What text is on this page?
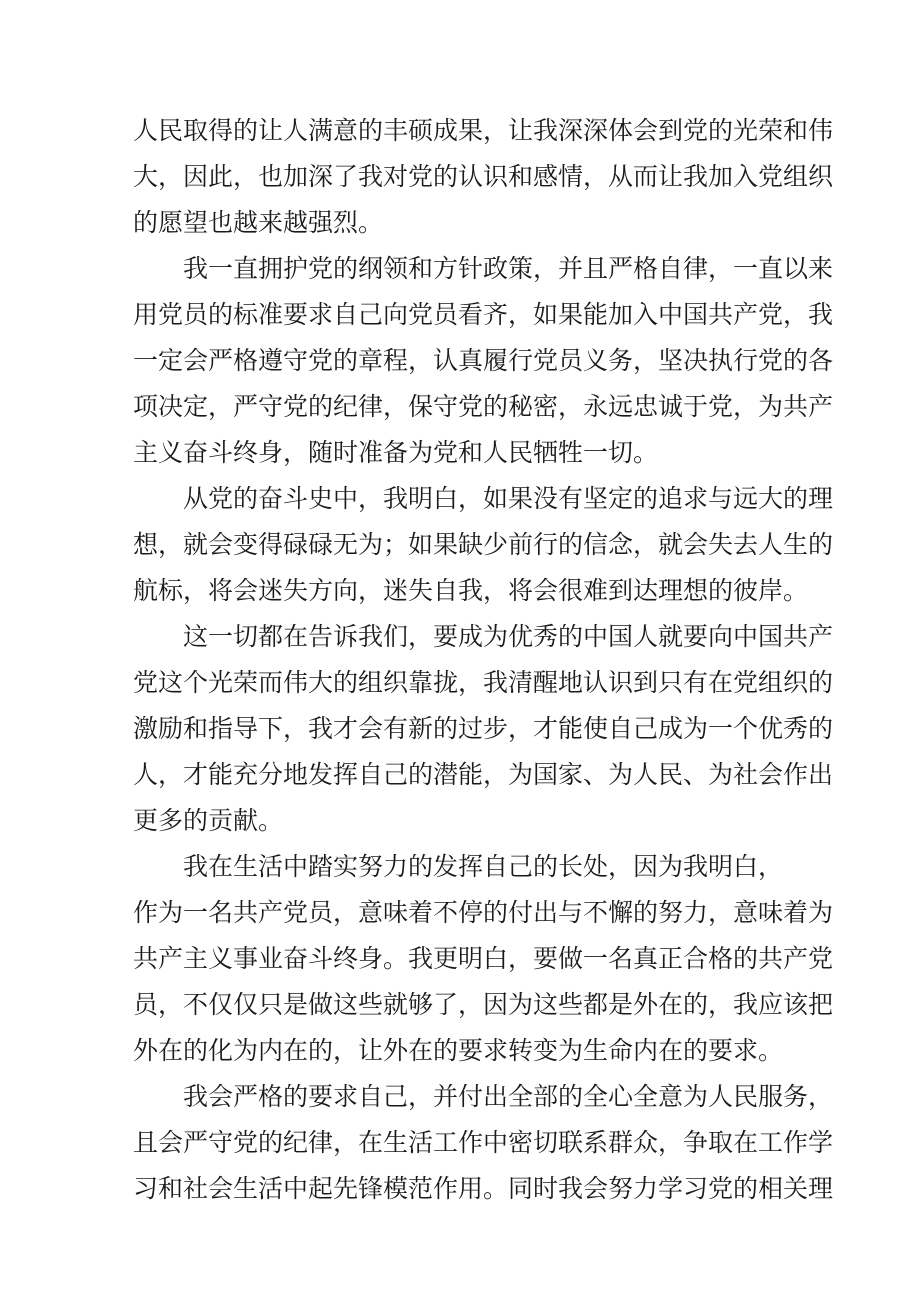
人民取得的让人满意的丰硕成果，让我深深体会到党的光荣和伟
大，因此，也加深了我对党的认识和感情，从而让我加入党组织
的愿望也越来越强烈。
我一直拥护党的纲领和方针政策，并且严格自律，一直以来
用党员的标准要求自己向党员看齐，如果能加入中国共产党，我
一定会严格遵守党的章程，认真履行党员义务，坚决执行党的各
项决定，严守党的纪律，保守党的秘密，永远忠诚于党，为共产
主义奋斗终身，随时准备为党和人民牺牲一切。
从党的奋斗史中，我明白，如果没有坚定的追求与远大的理
想，就会变得碌碌无为；如果缺少前行的信念，就会失去人生的
航标，将会迷失方向，迷失自我，将会很难到达理想的彼岸。
这一切都在告诉我们，要成为优秀的中国人就要向中国共产
党这个光荣而伟大的组织靠拢，我清醒地认识到只有在党组织的
激励和指导下，我才会有新的过步，才能使自己成为一个优秀的
人，才能充分地发挥自己的潜能，为国家、为人民、为社会作出
更多的贡献。
我在生活中踏实努力的发挥自己的长处，因为我明白，
作为一名共产党员，意味着不停的付出与不懈的努力，意味着为
共产主义事业奋斗终身。我更明白，要做一名真正合格的共产党
员，不仅仅只是做这些就够了，因为这些都是外在的，我应该把
外在的化为内在的，让外在的要求转变为生命内在的要求。
我会严格的要求自己，并付出全部的全心全意为人民服务，
且会严守党的纪律，在生活工作中密切联系群众，争取在工作学
习和社会生活中起先锋模范作用。同时我会努力学习党的相关理
